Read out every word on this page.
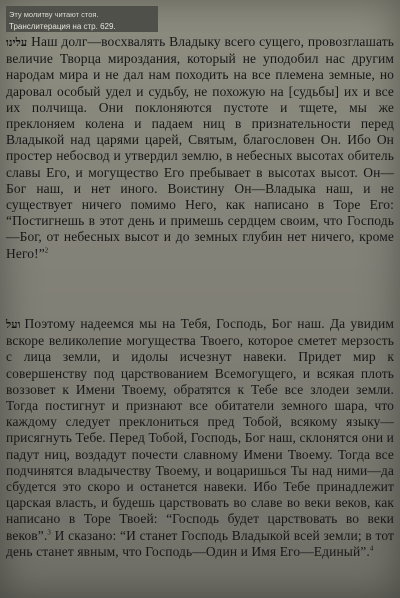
Эту молитву читают стоя.
Транслитерация на стр. 629.

עלינו Наш долг—восхвалять Владыку всего сущего, провозглашать величие Творца мироздания, который не уподобил нас другим народам мира и не дал нам походить на все племена земные, но даровал особый удел и судьбу, не похожую на [судьбы] их и все их полчища. Они поклоняются пустоте и тщете, мы же преклоняем колена и падаем ниц в признательности перед Владыкой над царями царей, Святым, благословен Он. Ибо Он простер небосвод и утвердил землю, в небесных высотах обитель славы Его, и могущество Его пребывает в высотах высот. Он—Бог наш, и нет иного. Воистину Он—Владыка наш, и не существует ничего помимо Него, как написано в Торе Его: “Постигнешь в этот день и примешь сердцем своим, что Господь—Бог, от небесных высот и до земных глубин нет ничего, кроме Него!”$^2$

ועל Поэтому надеемся мы на Тебя, Господь, Бог наш. Да увидим вскоре великолепие могущества Твоего, которое сметет мерзость с лица земли, и идолы исчезнут навеки. Придет мир к совершенству под царствованием Всемогущего, и всякая плоть воззовет к Имени Твоему, обратятся к Тебе все злодеи земли. Тогда постигнут и признают все обитатели земного шара, что каждому следует преклониться пред Тобой, всякому языку—присягнуть Тебе. Перед Тобой, Господь, Бог наш, склонятся они и падут ниц, воздадут почести славному Имени Твоему. Тогда все подчинятся владычеству Твоему, и воцаришься Ты над ними—да сбудется это скоро и останется навеки. Ибо Тебе принадлежит царская власть, и будешь царствовать во славе во веки веков, как написано в Торе Твоей: “Господь будет царствовать во веки веков”.$^3$ И сказано: “И станет Господь Владыкой всей земли; в тот день станет явным, что Господь—Один и Имя Его—Единый”.$^4$
